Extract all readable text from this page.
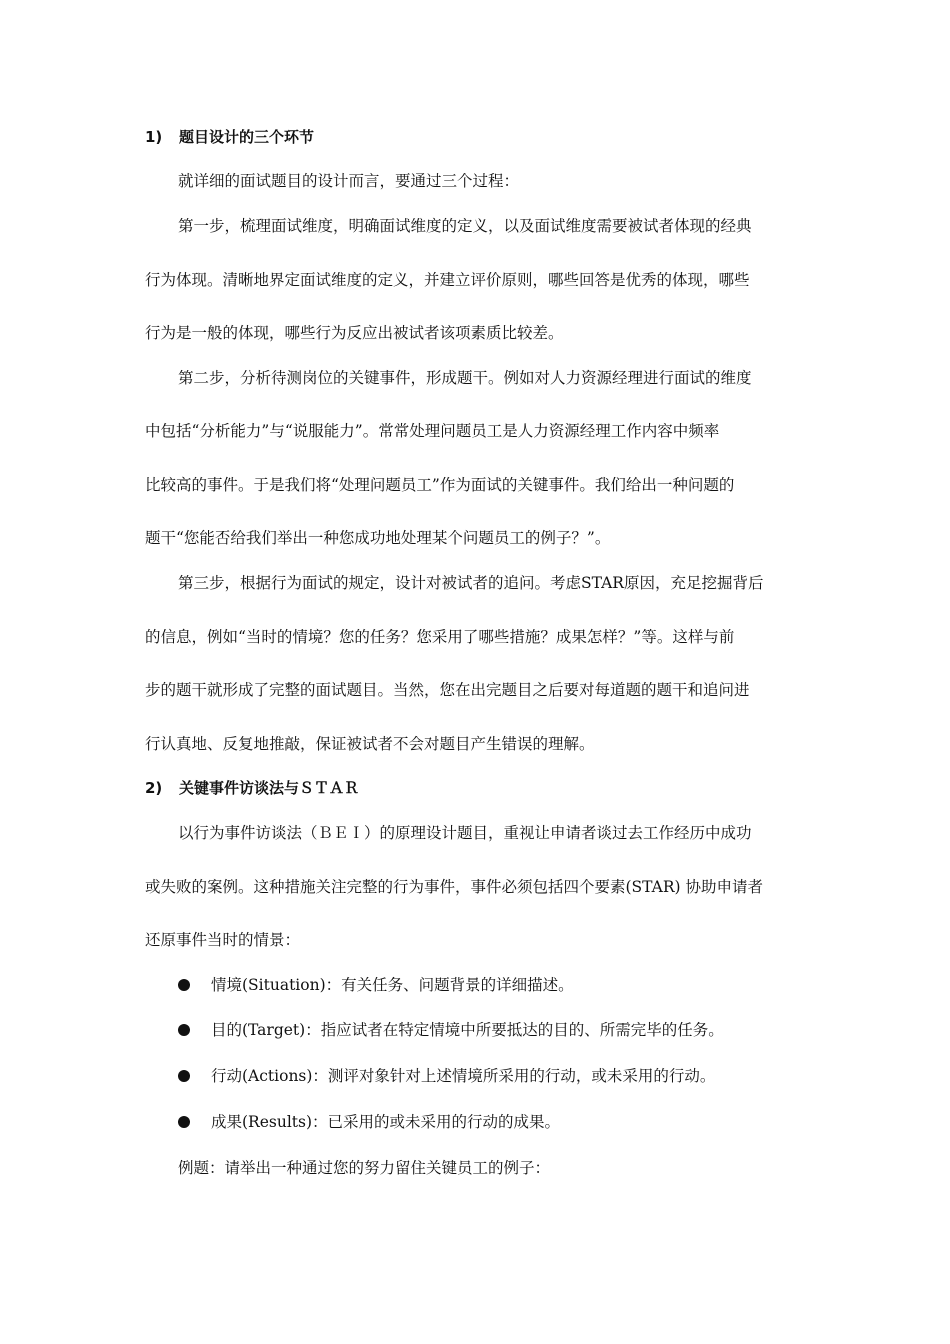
1) 题目设计的三个环节
就详细的面试题目的设计而言，要通过三个过程：
第一步，梳理面试维度，明确面试维度的定义，以及面试维度需要被试者体现的经典
行为体现。清晰地界定面试维度的定义，并建立评价原则，哪些回答是优秀的体现，哪些
行为是一般的体现，哪些行为反应出被试者该项素质比较差。
第二步，分析待测岗位的关键事件，形成题干。例如对人力资源经理进行面试的维度
中包括“分析能力”与“说服能力”。常常处理问题员工是人力资源经理工作内容中频率
比较高的事件。于是我们将“处理问题员工”作为面试的关键事件。我们给出一种问题的
题干“您能否给我们举出一种您成功地处理某个问题员工的例子？”。
第三步，根据行为面试的规定，设计对被试者的追问。考虑STAR原因，充足挖掘背后
的信息，例如“当时的情境？您的任务？您采用了哪些措施？成果怎样？”等。这样与前
步的题干就形成了完整的面试题目。当然，您在出完题目之后要对每道题的题干和追问进
行认真地、反复地推敲，保证被试者不会对题目产生错误的理解。
2) 关键事件访谈法与ＳＴＡＲ
以行为事件访谈法（ＢＥＩ）的原理设计题目，重视让申请者谈过去工作经历中成功
或失败的案例。这种措施关注完整的行为事件，事件必须包括四个要素(STAR) 协助申请者
还原事件当时的情景：
情境(Situation)：有关任务、问题背景的详细描述。
目的(Target)：指应试者在特定情境中所要抵达的目的、所需完毕的任务。
行动(Actions)：测评对象针对上述情境所采用的行动，或未采用的行动。
成果(Results)：已采用的或未采用的行动的成果。
例题：请举出一种通过您的努力留住关键员工的例子：
